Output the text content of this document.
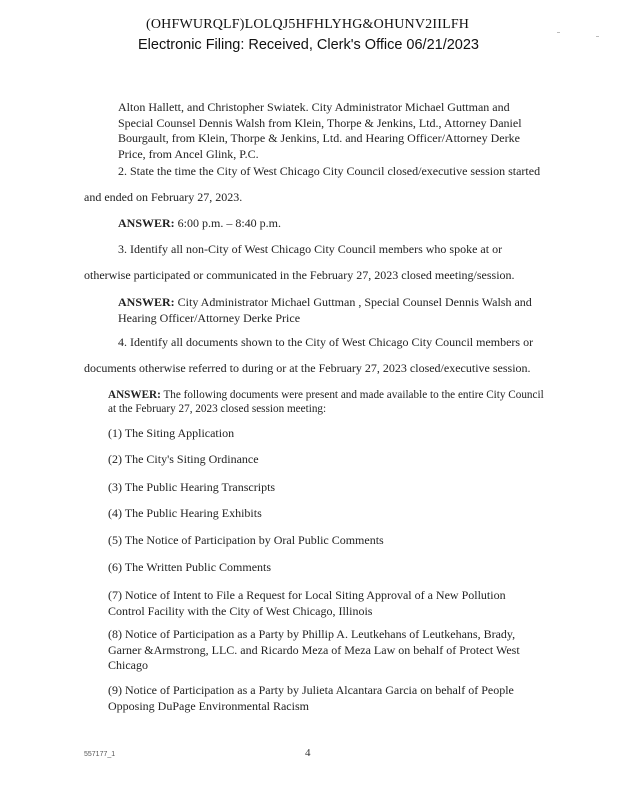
(OHFWURQLF)LOLQJ5HFHLYHG&OHUNV2IILFH
Electronic Filing: Received, Clerk's Office 06/21/2023
Alton Hallett, and Christopher Swiatek. City Administrator Michael Guttman and
Special Counsel Dennis Walsh from Klein, Thorpe & Jenkins, Ltd., Attorney Daniel
Bourgault, from Klein, Thorpe & Jenkins, Ltd. and Hearing Officer/Attorney Derke
Price, from Ancel Glink, P.C.
2. State the time the City of West Chicago City Council closed/executive session started
and ended on February 27, 2023.
ANSWER: 6:00 p.m. – 8:40 p.m.
3. Identify all non-City of West Chicago City Council members who spoke at or
otherwise participated or communicated in the February 27, 2023 closed meeting/session.
ANSWER: City Administrator Michael Guttman , Special Counsel Dennis Walsh and
Hearing Officer/Attorney Derke Price
4. Identify all documents shown to the City of West Chicago City Council members or
documents otherwise referred to during or at the February 27, 2023 closed/executive session.
ANSWER: The following documents were present and made available to the entire City Council
at the February 27, 2023 closed session meeting:
(1) The Siting Application
(2) The City's Siting Ordinance
(3) The Public Hearing Transcripts
(4) The Public Hearing Exhibits
(5) The Notice of Participation by Oral Public Comments
(6) The Written Public Comments
(7) Notice of Intent to File a Request for Local Siting Approval of a New Pollution
Control Facility with the City of West Chicago, Illinois
(8) Notice of Participation as a Party by Phillip A. Leutkehans of Leutkehans, Brady,
Garner &Armstrong, LLC. and Ricardo Meza of Meza Law on behalf of Protect West
Chicago
(9) Notice of Participation as a Party by Julieta Alcantara Garcia on behalf of People
Opposing DuPage Environmental Racism
557177_1	4
